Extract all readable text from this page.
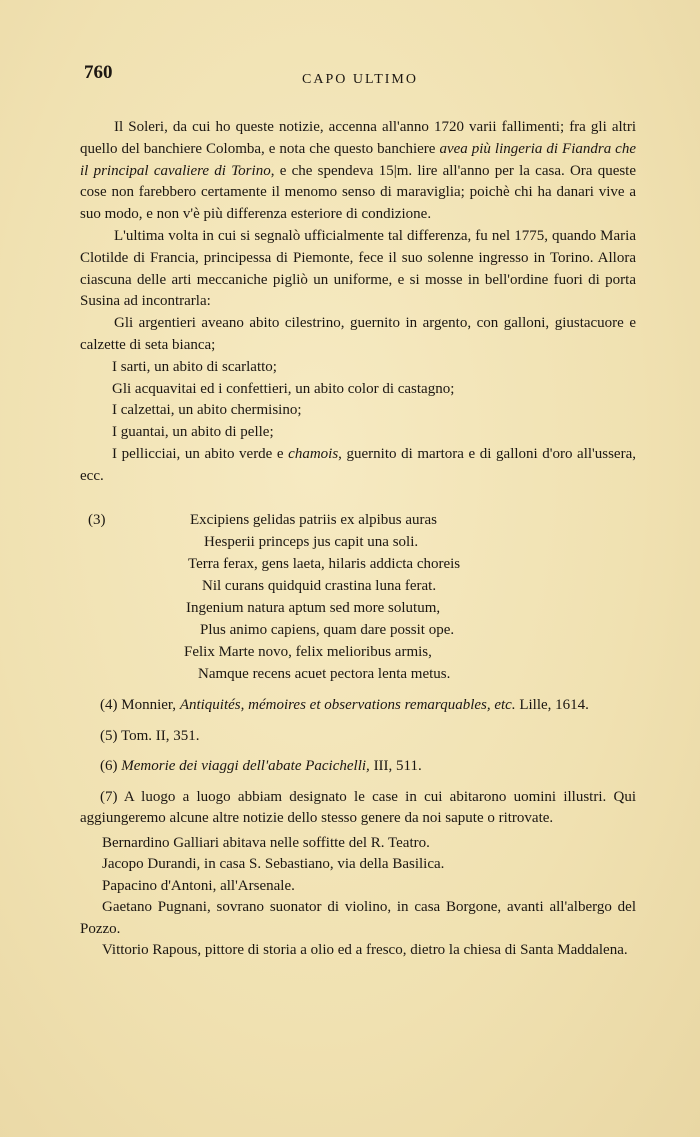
760	CAPO ULTIMO

Il Soleri, da cui ho queste notizie, accenna all'anno 1720 varii fallimenti; fra gli altri quello del banchiere Colomba, e nota che questo banchiere avea più lingeria di Fiandra che il principal cavaliere di Torino, e che spendeva 15|m. lire all'anno per la casa. Ora queste cose non farebbero certamente il menomo senso di maraviglia; poichè chi ha danari vive a suo modo, e non v'è più differenza esteriore di condizione.

L'ultima volta in cui si segnalò ufficialmente tal differenza, fu nel 1775, quando Maria Clotilde di Francia, principessa di Piemonte, fece il suo solenne ingresso in Torino. Allora ciascuna delle arti meccaniche pigliò un uniforme, e si mosse in bell'ordine fuori di porta Susina ad incontrarla:

Gli argentieri aveano abito cilestrino, guernito in argento, con galloni, giustacuore e calzette di seta bianca;

I sarti, un abito di scarlatto;

Gli acquavitai ed i confettieri, un abito color di castagno;

I calzettai, un abito chermisino;

I guantai, un abito di pelle;

I pellicciai, un abito verde e chamois, guernito di martora e di galloni d'oro all'ussera, ecc.

(3)	Excipiens gelidas patriis ex alpibus auras
Hesperii princeps jus capit una soli.
Terra ferax, gens laeta, hilaris addicta choreis
Nil curans quidquid crastina luna ferat.
Ingenium natura aptum sed more solutum,
Plus animo capiens, quam dare possit ope.
Felix Marte novo, felix melioribus armis,
Namque recens acuet pectora lenta metus.

(4) Monnier, Antiquités, mémoires et observations remarquables, etc. Lille, 1614.

(5) Tom. II, 351.

(6) Memorie dei viaggi dell'abate Pacichelli, III, 511.

(7) A luogo a luogo abbiam designato le case in cui abitarono uomini illustri. Qui aggiungeremo alcune altre notizie dello stesso genere da noi sapute o ritrovate.

Bernardino Galliari abitava nelle soffitte del R. Teatro.

Jacopo Durandi, in casa S. Sebastiano, via della Basilica.

Papacino d'Antoni, all'Arsenale.

Gaetano Pugnani, sovrano suonator di violino, in casa Borgone, avanti all'albergo del Pozzo.

Vittorio Rapous, pittore di storia a olio ed a fresco, dietro la chiesa di Santa Maddalena.
